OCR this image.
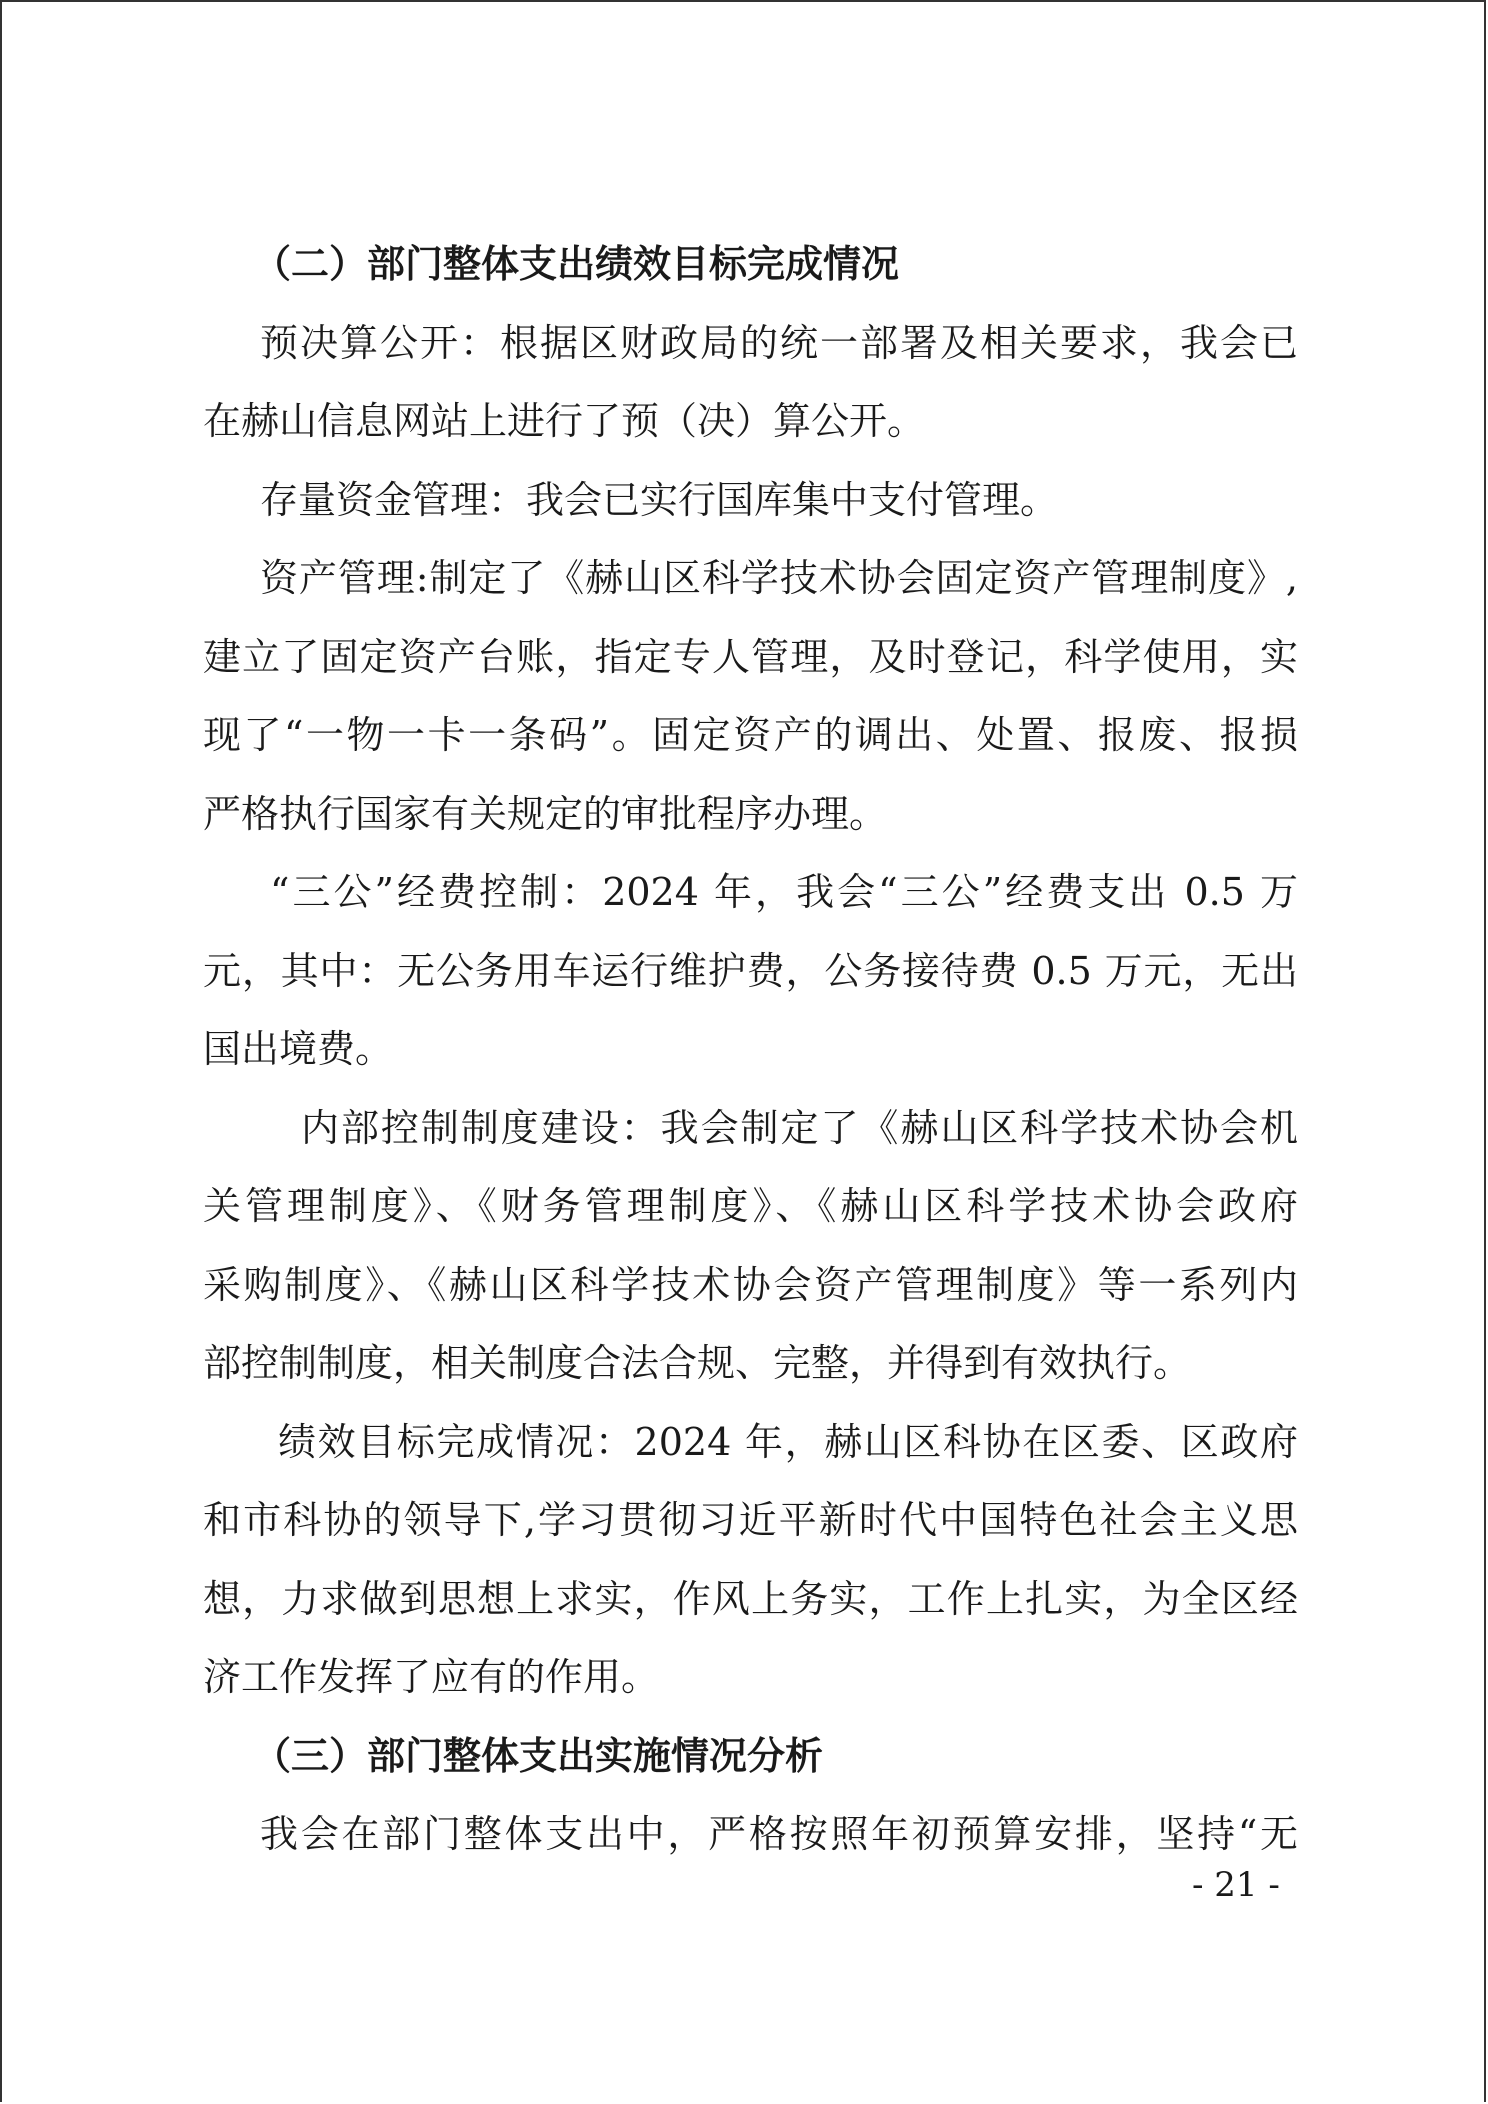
（二）部门整体支出绩效目标完成情况
预决算公开：根据区财政局的统一部署及相关要求，我会已
在赫山信息网站上进行了预（决）算公开。
存量资金管理：我会已实行国库集中支付管理。
资产管理:制定了《赫山区科学技术协会固定资产管理制度》,
建立了固定资产台账，指定专人管理，及时登记，科学使用，实
现了“一物一卡一条码”。固定资产的调出、处置、报废、报损
严格执行国家有关规定的审批程序办理。
“三公”经费控制：2024 年，我会“三公”经费支出 0.5 万
元，其中：无公务用车运行维护费，公务接待费 0.5 万元，无出
国出境费。
内部控制制度建设：我会制定了《赫山区科学技术协会机
关管理制度》、《财务管理制度》、《赫山区科学技术协会政府
采购制度》、《赫山区科学技术协会资产管理制度》等一系列内
部控制制度，相关制度合法合规、完整，并得到有效执行。
绩效目标完成情况：2024 年，赫山区科协在区委、区政府
和市科协的领导下,学习贯彻习近平新时代中国特色社会主义思
想，力求做到思想上求实，作风上务实，工作上扎实，为全区经
济工作发挥了应有的作用。
（三）部门整体支出实施情况分析
我会在部门整体支出中，严格按照年初预算安排，坚持“无
- 21 -
